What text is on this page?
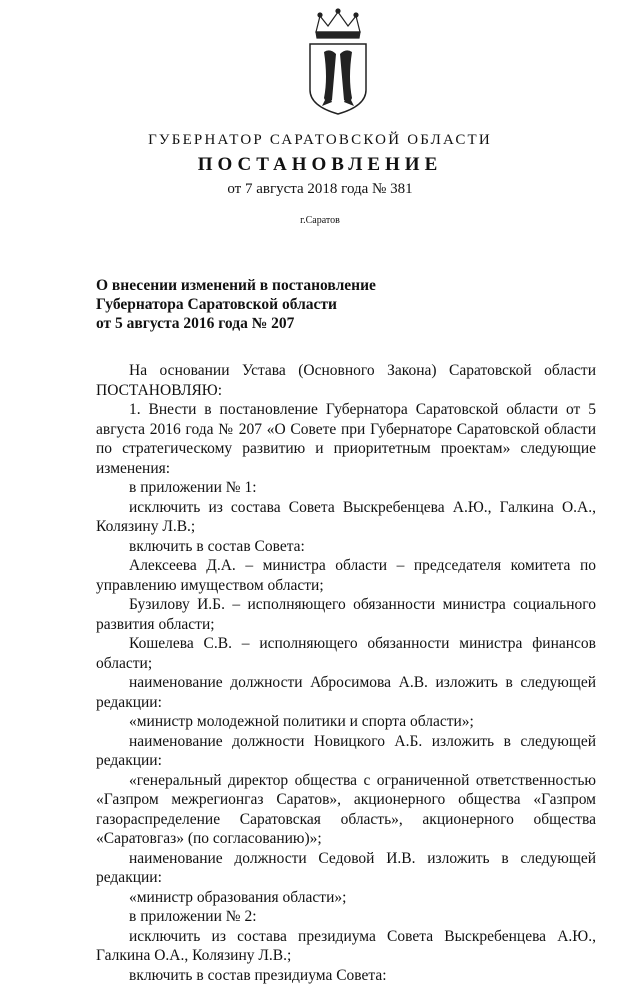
ГУБЕРНАТОР САРАТОВСКОЙ ОБЛАСТИ
ПОСТАНОВЛЕНИЕ
от 7 августа 2018 года № 381
г.Саратов
О внесении изменений в постановление
Губернатора Саратовской области
от 5 августа 2016 года № 207

На основании Устава (Основного Закона) Саратовской области ПОСТАНОВЛЯЮ:

1. Внести в постановление Губернатора Саратовской области от 5 августа 2016 года № 207 «О Совете при Губернаторе Саратовской области по стратегическому развитию и приоритетным проектам» следующие изменения:

в приложении № 1:

исключить из состава Совета Выскребенцева А.Ю., Галкина О.А., Колязину Л.В.;

включить в состав Совета:

Алексеева Д.А. – министра области – председателя комитета по управлению имуществом области;

Бузилову И.Б. – исполняющего обязанности министра социального развития области;

Кошелева С.В. – исполняющего обязанности министра финансов области;

наименование должности Абросимова А.В. изложить в следующей редакции:

«министр молодежной политики и спорта области»;

наименование должности Новицкого А.Б. изложить в следующей редакции:

«генеральный директор общества с ограниченной ответственностью «Газпром межрегионгаз Саратов», акционерного общества «Газпром газораспределение Саратовская область», акционерного общества «Саратовгаз» (по согласованию)»;

наименование должности Седовой И.В. изложить в следующей редакции:

«министр образования области»;

в приложении № 2:

исключить из состава президиума Совета Выскребенцева А.Ю., Галкина О.А., Колязину Л.В.;

включить в состав президиума Совета:
